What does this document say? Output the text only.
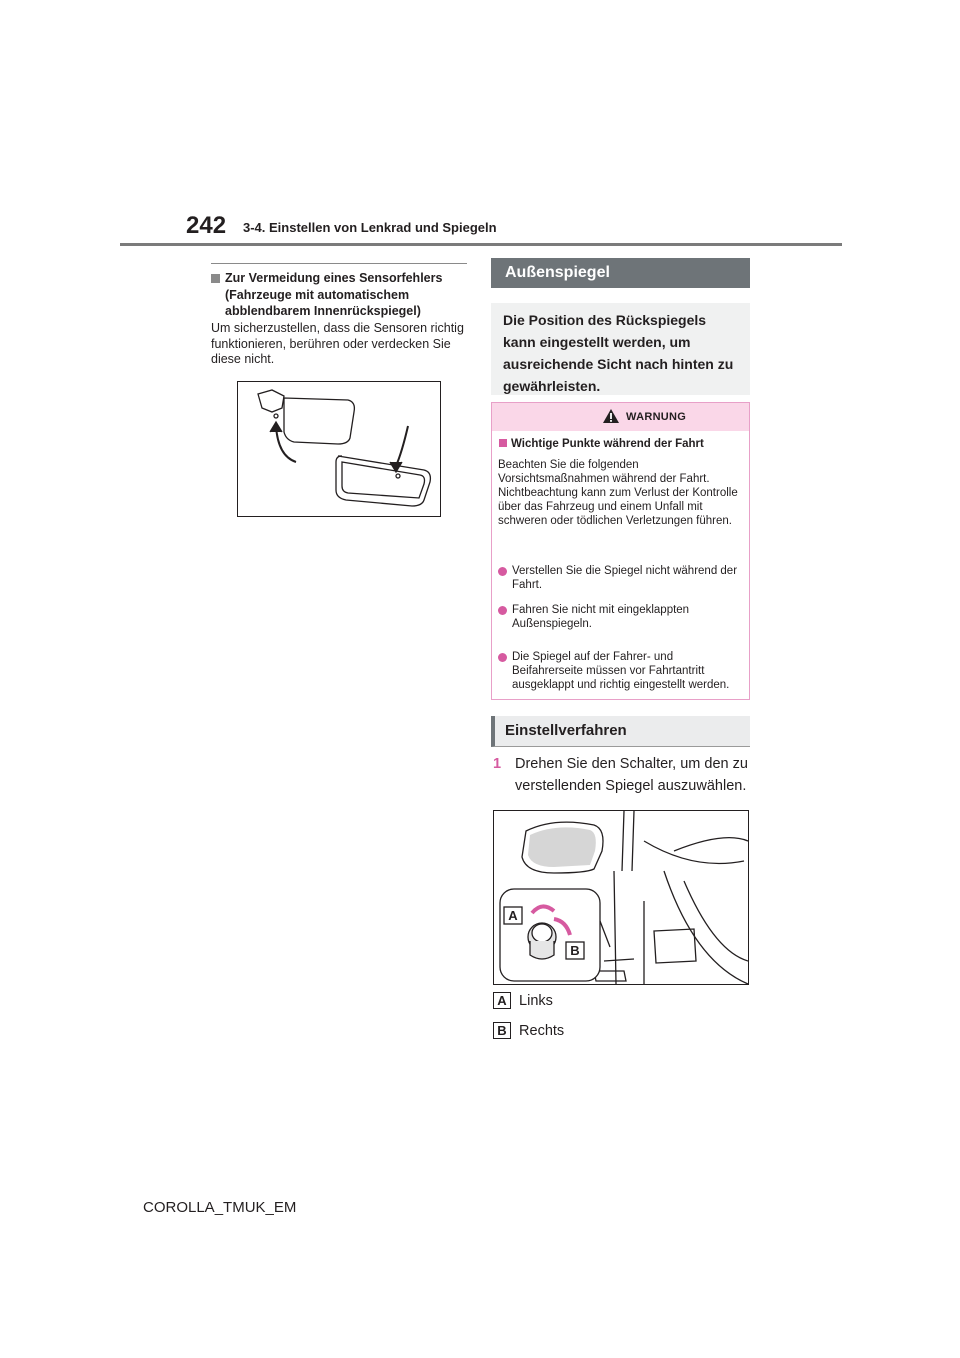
242 3-4. Einstellen von Lenkrad und Spiegeln
Zur Vermeidung eines Sensorfehlers (Fahrzeuge mit automatischem abblendbarem Innenrückspiegel)
Um sicherzustellen, dass die Sensoren richtig funktionieren, berühren oder verdecken Sie diese nicht.
Außenspiegel
Die Position des Rückspiegels kann eingestellt werden, um ausreichende Sicht nach hinten zu gewährleisten.
WARNUNG
Wichtige Punkte während der Fahrt
Beachten Sie die folgenden Vorsichtsmaßnahmen während der Fahrt. Nichtbeachtung kann zum Verlust der Kontrolle über das Fahrzeug und einem Unfall mit schweren oder tödlichen Verletzungen führen.
Verstellen Sie die Spiegel nicht während der Fahrt.
Fahren Sie nicht mit eingeklappten Außenspiegeln.
Die Spiegel auf der Fahrer- und Beifahrerseite müssen vor Fahrtantritt ausgeklappt und richtig eingestellt werden.
Einstellverfahren
1 Drehen Sie den Schalter, um den zu verstellenden Spiegel auszuwählen.
A
B
A Links
B Rechts
COROLLA_TMUK_EM
